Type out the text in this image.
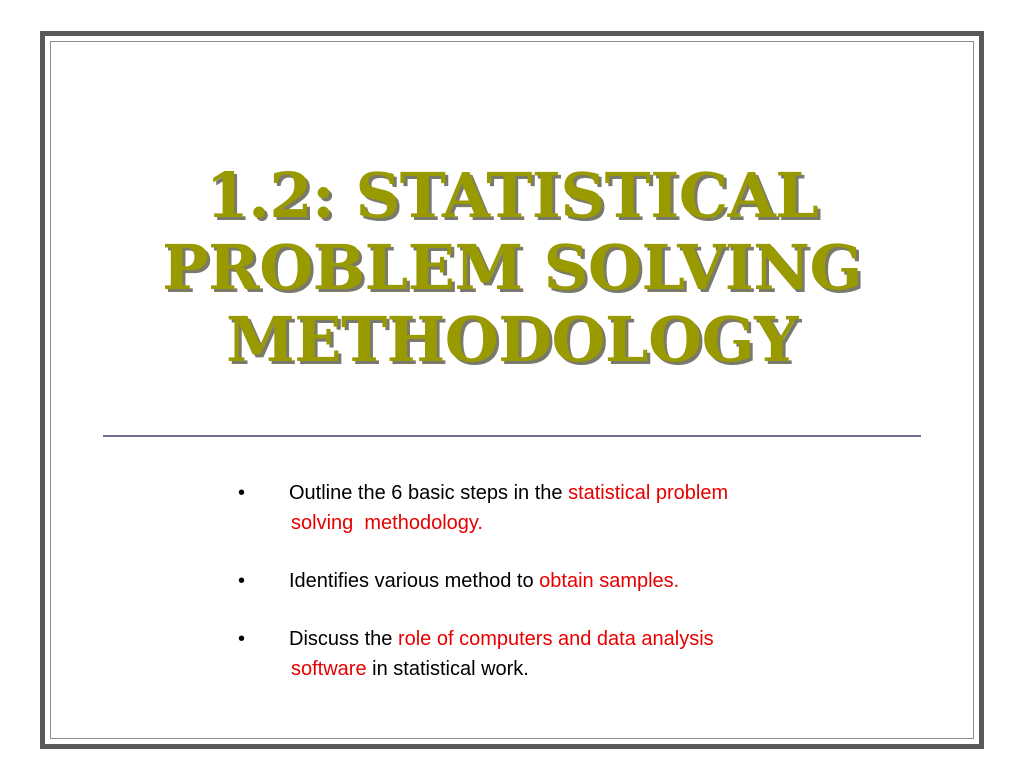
1.2: STATISTICAL
PROBLEM SOLVING
METHODOLOGY
• Outline the 6 basic steps in the statistical problem
solving  methodology.
• Identifies various method to obtain samples.
• Discuss the role of computers and data analysis
software in statistical work.
